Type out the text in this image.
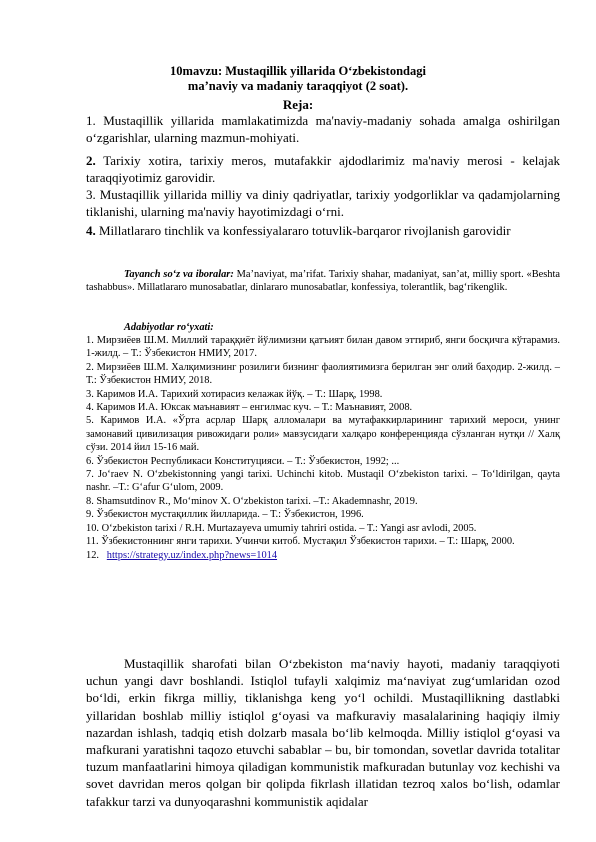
10mavzu: Mustaqillik yillarida O‘zbekistondagi
ma’naviy va madaniy taraqqiyot (2 soat).
Reja:
1. Mustaqillik yillarida mamlakatimizda ma'naviy-madaniy sohada amalga oshirilgan o‘zgarishlar, ularning mazmun-mohiyati.
2. Tarixiy xotira, tarixiy meros, mutafakkir ajdodlarimiz ma'naviy merosi - kelajak taraqqiyotimiz garovidir.
3. Mustaqillik yillarida milliy va diniy qadriyatlar, tarixiy yodgorliklar va qadamjolarning tiklanishi, ularning ma'naviy hayotimizdagi o‘rni.
4. Millatlararo tinchlik va konfessiyalararo totuvlik-barqaror rivojlanish garovidir
Tayanch so‘z va iboralar: Ma’naviyat, ma’rifat. Tarixiy shahar, madaniyat, san’at, milliy sport. «Beshta tashabbus». Millatlararo munosabatlar, dinlararo munosabatlar, konfessiya, tolerantlik, bag‘rikenglik.
Adabiyotlar ro‘yxati:
1. Мирзиёев Ш.М. Миллий тараққиёт йўлимизни қатъият билан давом эттириб, янги босқичга кўтарамиз. 1-жилд. – Т.: Ўзбекистон НМИУ, 2017.
2. Мирзиёев Ш.М. Халқимизнинг розилиги бизнинг фаолиятимизга берилган энг олий баҳодир. 2-жилд. – Т.: Ўзбекистон НМИУ, 2018.
3. Каримов И.А. Тарихий хотирасиз келажак йўқ. – Т.: Шарқ, 1998.
4. Каримов И.А. Юксак маънавият – енгилмас куч. – Т.: Маънавият, 2008.
5. Каримов И.А. «Ўрта асрлар Шарқ алломалари ва мутафаккирларининг тарихий мероси, унинг замонавий цивилизация ривожидаги роли» мавзусидаги халқаро конференцияда сўзланган нутқи // Халқ сўзи. 2014 йил 15-16 май.
6. Ўзбекистон Республикаси Конституцияси. – Т.: Ўзбекистон, 1992; ...
7. Jo‘raev N. O‘zbekistonning yangi tarixi. Uchinchi kitob. Mustaqil O‘zbekiston tarixi. – To‘ldirilgan, qayta nashr. –T.: G‘afur G‘ulom, 2009.
8. Shamsutdinov R., Mo‘minov X. O‘zbekiston tarixi. –T.: Akademnashr, 2019.
9. Ўзбекистон мустақиллик йилларида. – Т.: Ўзбекистон, 1996.
10. O‘zbekiston tarixi / R.H. Murtazayeva umumiy tahriri ostida. – T.: Yangi asr avlodi, 2005.
11. Ўзбекистоннинг янги тарихи. Учинчи китоб. Мустақил Ўзбекистон тарихи. – Т.: Шарқ, 2000.
12. https://strategy.uz/index.php?news=1014

Mustaqillik sharofati bilan O‘zbekiston ma‘naviy hayoti, madaniy taraqqiyoti uchun yangi davr boshlandi. Istiqlol tufayli xalqimiz ma‘naviyat zug‘umlaridan ozod bo‘ldi, erkin fikrga milliy, tiklanishga keng yo‘l ochildi. Mustaqillikning dastlabki yillaridan boshlab milliy istiqlol g‘oyasi va mafkuraviy masalalarining haqiqiy ilmiy nazardan ishlash, tadqiq etish dolzarb masala bo‘lib kelmoqda. Milliy istiqlol g‘oyasi va mafkurani yaratishni taqozo etuvchi sabablar – bu, bir tomondan, sovetlar davrida totalitar tuzum manfaatlarini himoya qiladigan kommunistik mafkuradan butunlay voz kechishi va sovet davridan meros qolgan bir qolipda fikrlash illatidan tezroq xalos bo‘lish, odamlar tafakkur tarzi va dunyoqarashni kommunistik aqidalar
